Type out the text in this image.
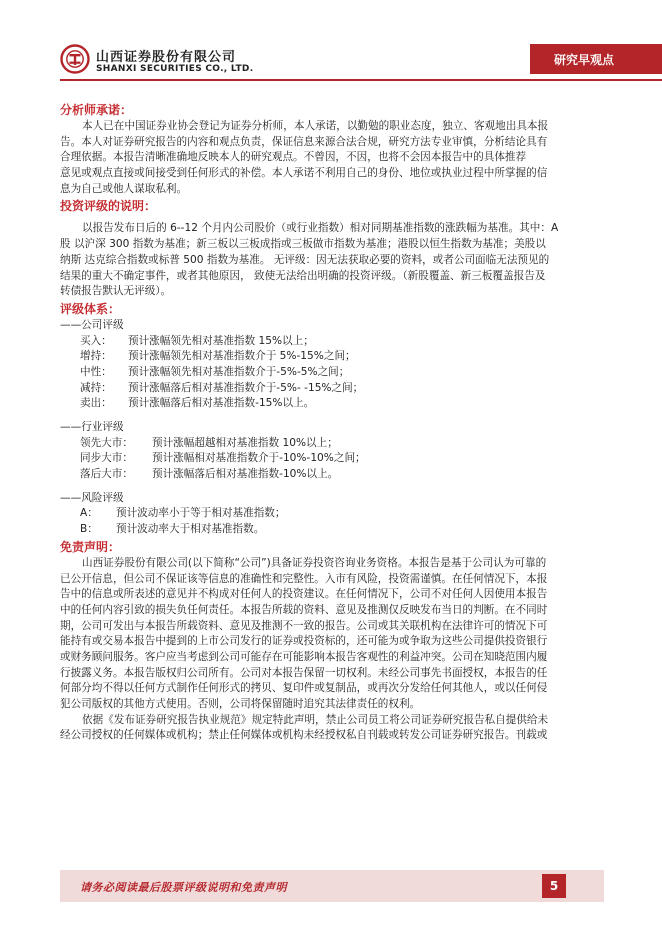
山西证券股份有限公司
SHANXI SECURITIES CO., LTD.
研究早观点
分析师承诺：
本人已在中国证券业协会登记为证券分析师，本人承诺，以勤勉的职业态度，独立、客观地出具本报
告。本人对证券研究报告的内容和观点负责，保证信息来源合法合规，研究方法专业审慎，分析结论具有
合理依据。本报告清晰准确地反映本人的研究观点。不曾因，不因，也将不会因本报告中的具体推荐
意见或观点直接或间接受到任何形式的补偿。本人承诺不利用自己的身份、地位或执业过程中所掌握的信
息为自己或他人谋取私利。
投资评级的说明：
以报告发布日后的 6--12 个月内公司股价（或行业指数）相对同期基准指数的涨跌幅为基准。其中：A
股 以沪深 300 指数为基准；新三板以三板成指或三板做市指数为基准；港股以恒生指数为基准；美股以
纳斯 达克综合指数或标普 500 指数为基准。 无评级：因无法获取必要的资料，或者公司面临无法预见的
结果的重大不确定事件，或者其他原因， 致使无法给出明确的投资评级。（新股覆盖、新三板覆盖报告及
转债报告默认无评级）。
评级体系：
——公司评级
买入： 预计涨幅领先相对基准指数 15%以上；
增持： 预计涨幅领先相对基准指数介于 5%-15%之间；
中性： 预计涨幅领先相对基准指数介于-5%-5%之间；
减持： 预计涨幅落后相对基准指数介于-5%- -15%之间；
卖出： 预计涨幅落后相对基准指数-15%以上。
——行业评级
领先大市： 预计涨幅超越相对基准指数 10%以上；
同步大市： 预计涨幅相对基准指数介于-10%-10%之间；
落后大市： 预计涨幅落后相对基准指数-10%以上。
——风险评级
A： 预计波动率小于等于相对基准指数；
B： 预计波动率大于相对基准指数。
免责声明：
山西证券股份有限公司(以下简称“公司”)具备证券投资咨询业务资格。本报告是基于公司认为可靠的
已公开信息，但公司不保证该等信息的准确性和完整性。入市有风险，投资需谨慎。在任何情况下，本报
告中的信息或所表述的意见并不构成对任何人的投资建议。在任何情况下，公司不对任何人因使用本报告
中的任何内容引致的损失负任何责任。本报告所载的资料、意见及推测仅反映发布当日的判断。在不同时
期，公司可发出与本报告所载资料、意见及推测不一致的报告。公司或其关联机构在法律许可的情况下可
能持有或交易本报告中提到的上市公司发行的证券或投资标的，还可能为或争取为这些公司提供投资银行
或财务顾问服务。客户应当考虑到公司可能存在可能影响本报告客观性的利益冲突。公司在知晓范围内履
行披露义务。本报告版权归公司所有。公司对本报告保留一切权利。未经公司事先书面授权，本报告的任
何部分均不得以任何方式制作任何形式的拷贝、复印件或复制品，或再次分发给任何其他人，或以任何侵
犯公司版权的其他方式使用。否则，公司将保留随时追究其法律责任的权利。
依据《发布证券研究报告执业规范》规定特此声明，禁止公司员工将公司证券研究报告私自提供给未
经公司授权的任何媒体或机构；禁止任何媒体或机构未经授权私自刊载或转发公司证券研究报告。刊载或
请务必阅读最后股票评级说明和免责声明	5
